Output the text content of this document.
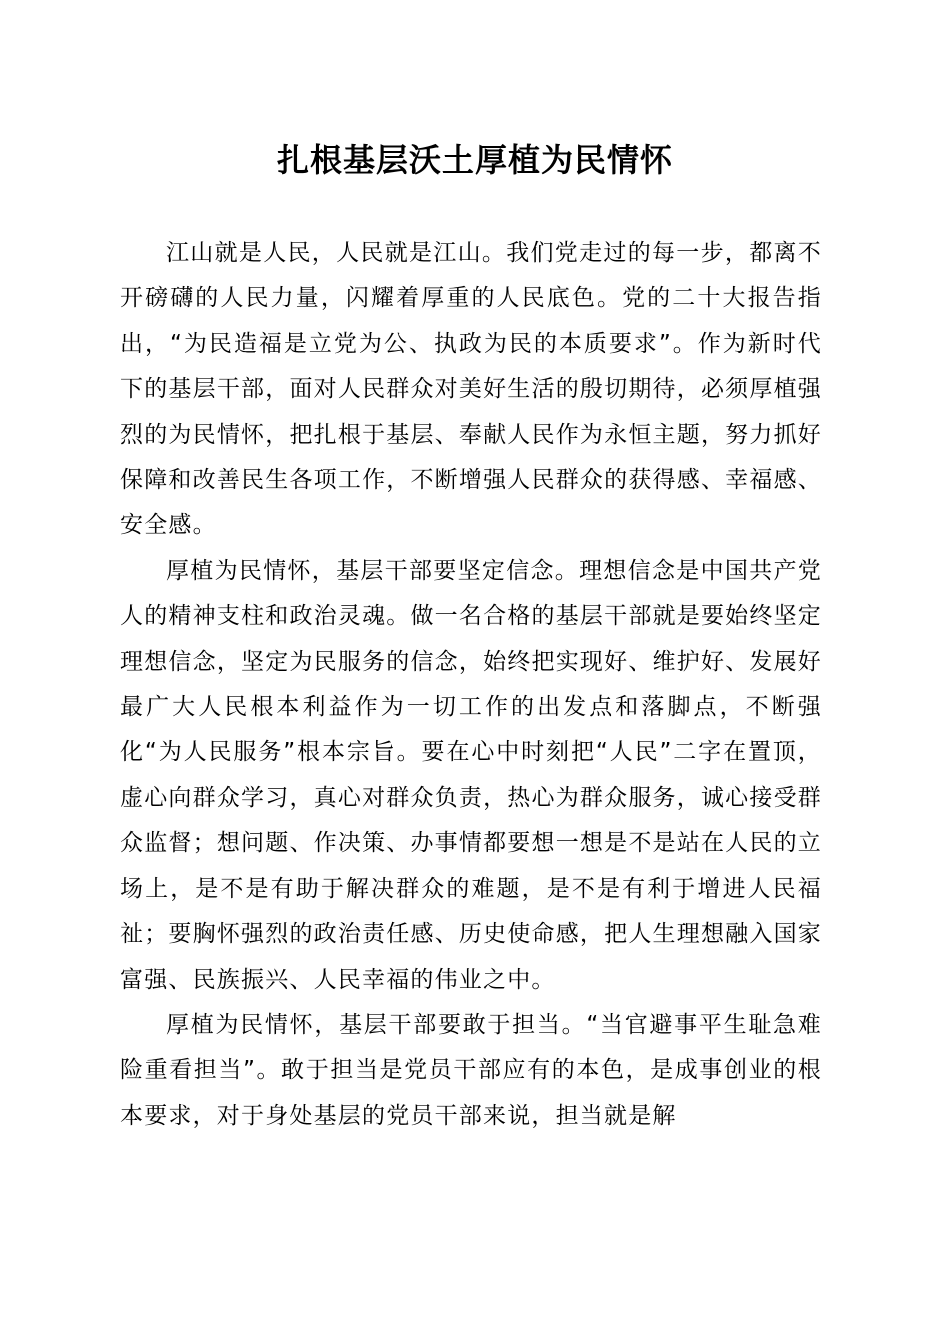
扎根基层沃土厚植为民情怀

江山就是人民，人民就是江山。我们党走过的每一步，都离不开磅礴的人民力量，闪耀着厚重的人民底色。党的二十大报告指出，“为民造福是立党为公、执政为民的本质要求”。作为新时代下的基层干部，面对人民群众对美好生活的殷切期待，必须厚植强烈的为民情怀，把扎根于基层、奉献人民作为永恒主题，努力抓好保障和改善民生各项工作，不断增强人民群众的获得感、幸福感、安全感。

厚植为民情怀，基层干部要坚定信念。理想信念是中国共产党人的精神支柱和政治灵魂。做一名合格的基层干部就是要始终坚定理想信念，坚定为民服务的信念，始终把实现好、维护好、发展好最广大人民根本利益作为一切工作的出发点和落脚点，不断强化“为人民服务”根本宗旨。要在心中时刻把“人民”二字在置顶，虚心向群众学习，真心对群众负责，热心为群众服务，诚心接受群众监督；想问题、作决策、办事情都要想一想是不是站在人民的立场上，是不是有助于解决群众的难题，是不是有利于增进人民福祉；要胸怀强烈的政治责任感、历史使命感，把人生理想融入国家富强、民族振兴、人民幸福的伟业之中。

厚植为民情怀，基层干部要敢于担当。“当官避事平生耻急难险重看担当”。敢于担当是党员干部应有的本色，是成事创业的根本要求，对于身处基层的党员干部来说，担当就是解
